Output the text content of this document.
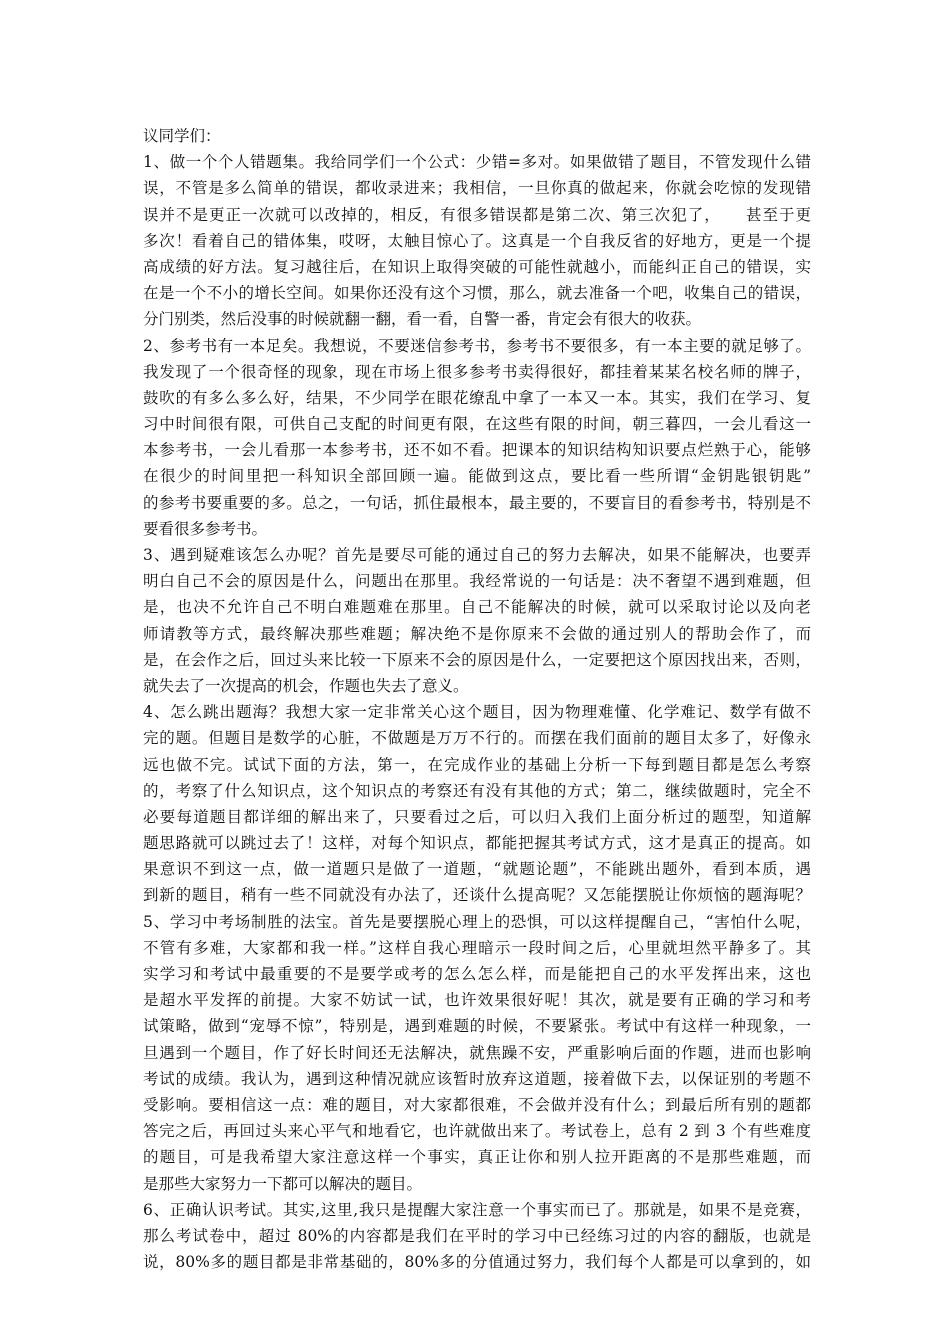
议同学们：
1、做一个个人错题集。我给同学们一个公式：少错=多对。如果做错了题目，不管发现什么错
误，不管是多么简单的错误，都收录进来；我相信，一旦你真的做起来，你就会吃惊的发现错
误并不是更正一次就可以改掉的，相反，有很多错误都是第二次、第三次犯了，　　甚至于更
多次！看着自己的错体集，哎呀，太触目惊心了。这真是一个自我反省的好地方，更是一个提
高成绩的好方法。复习越往后，在知识上取得突破的可能性就越小，而能纠正自己的错误，实
在是一个不小的增长空间。如果你还没有这个习惯，那么，就去准备一个吧，收集自己的错误，
分门别类，然后没事的时候就翻一翻，看一看，自警一番，肯定会有很大的收获。
2、参考书有一本足矣。我想说，不要迷信参考书，参考书不要很多，有一本主要的就足够了。
我发现了一个很奇怪的现象，现在市场上很多参考书卖得很好，都挂着某某名校名师的牌子，
鼓吹的有多么多么好，结果，不少同学在眼花缭乱中拿了一本又一本。其实，我们在学习、复
习中时间很有限，可供自己支配的时间更有限，在这些有限的时间，朝三暮四，一会儿看这一
本参考书，一会儿看那一本参考书，还不如不看。把课本的知识结构知识要点烂熟于心，能够
在很少的时间里把一科知识全部回顾一遍。能做到这点，要比看一些所谓“金钥匙银钥匙”
的参考书要重要的多。总之，一句话，抓住最根本，最主要的，不要盲目的看参考书，特别是不
要看很多参考书。
3、遇到疑难该怎么办呢？首先是要尽可能的通过自己的努力去解决，如果不能解决，也要弄
明白自己不会的原因是什么，问题出在那里。我经常说的一句话是：决不奢望不遇到难题，但
是，也决不允许自己不明白难题难在那里。自己不能解决的时候，就可以采取讨论以及向老
师请教等方式，最终解决那些难题；解决绝不是你原来不会做的通过别人的帮助会作了，而
是，在会作之后，回过头来比较一下原来不会的原因是什么，一定要把这个原因找出来，否则，
就失去了一次提高的机会，作题也失去了意义。
4、怎么跳出题海？我想大家一定非常关心这个题目，因为物理难懂、化学难记、数学有做不
完的题。但题目是数学的心脏，不做题是万万不行的。而摆在我们面前的题目太多了，好像永
远也做不完。试试下面的方法，第一，在完成作业的基础上分析一下每到题目都是怎么考察
的，考察了什么知识点，这个知识点的考察还有没有其他的方式；第二，继续做题时，完全不
必要每道题目都详细的解出来了，只要看过之后，可以归入我们上面分析过的题型，知道解
题思路就可以跳过去了！这样，对每个知识点，都能把握其考试方式，这才是真正的提高。如
果意识不到这一点，做一道题只是做了一道题，“就题论题”，不能跳出题外，看到本质，遇
到新的题目，稍有一些不同就没有办法了，还谈什么提高呢？又怎能摆脱让你烦恼的题海呢？
5、学习中考场制胜的法宝。首先是要摆脱心理上的恐惧，可以这样提醒自己，“害怕什么呢，
不管有多难，大家都和我一样。”这样自我心理暗示一段时间之后，心里就坦然平静多了。其
实学习和考试中最重要的不是要学或考的怎么怎么样，而是能把自己的水平发挥出来，这也
是超水平发挥的前提。大家不妨试一试，也许效果很好呢！其次，就是要有正确的学习和考
试策略，做到“宠辱不惊”，特别是，遇到难题的时候，不要紧张。考试中有这样一种现象，一
旦遇到一个题目，作了好长时间还无法解决，就焦躁不安，严重影响后面的作题，进而也影响
考试的成绩。我认为，遇到这种情况就应该暂时放弃这道题，接着做下去，以保证别的考题不
受影响。要相信这一点：难的题目，对大家都很难，不会做并没有什么；到最后所有别的题都
答完之后，再回过头来心平气和地看它，也许就做出来了。考试卷上，总有 2 到 3 个有些难度
的题目，可是我希望大家注意这样一个事实，真正让你和别人拉开距离的不是那些难题，而
是那些大家努力一下都可以解决的题目。
6、正确认识考试。其实,这里,我只是提醒大家注意一个事实而已了。那就是，如果不是竞赛，
那么考试卷中，超过 80%的内容都是我们在平时的学习中已经练习过的内容的翻版，也就是
说，80%多的题目都是非常基础的，80%多的分值通过努力，我们每个人都是可以拿到的，如
